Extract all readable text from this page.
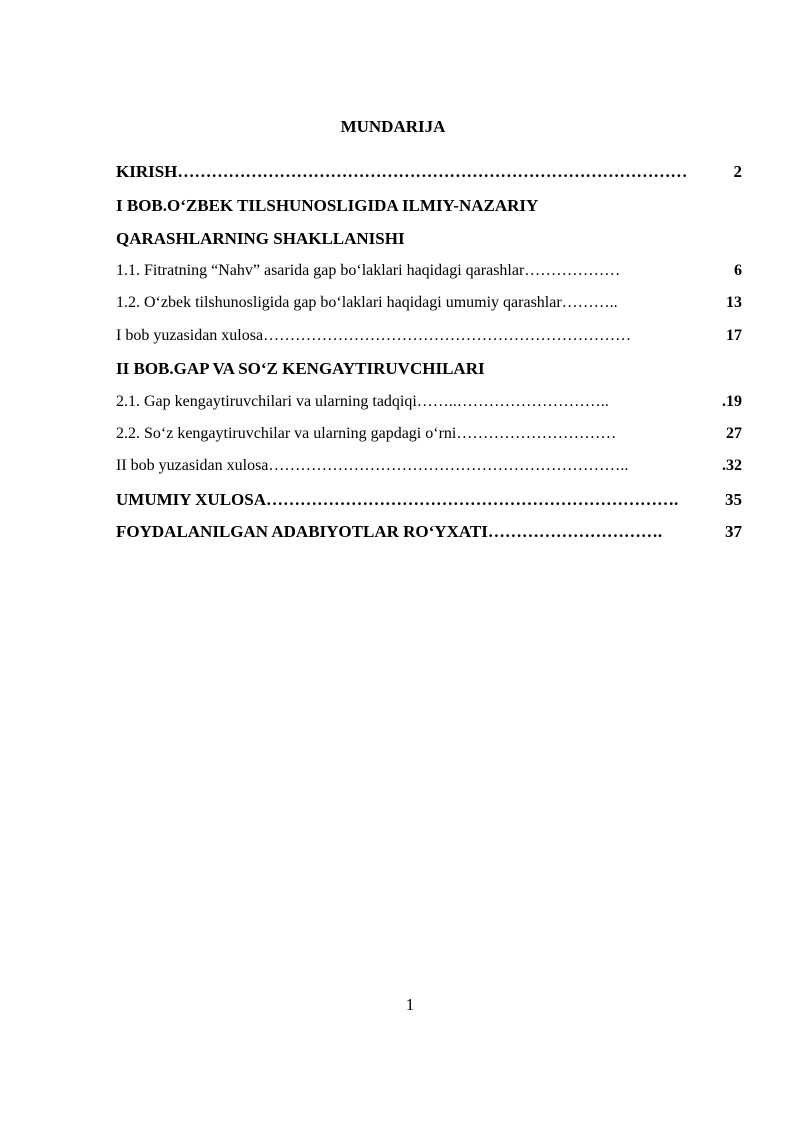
MUNDARIJA
KIRISH………………………………………………………………………………	2
I BOB.O‘ZBEK TILSHUNOSLIGIDA ILMIY-NAZARIY
QARASHLARNING SHAKLLANISHI
1.1. Fitratning “Nahv” asarida gap bo‘laklari haqidagi qarashlar………………	6
1.2. O‘zbek tilshunosligida gap bo‘laklari haqidagi umumiy qarashlar………..	13
I bob yuzasidan xulosa……………………………………………………………	17
II BOB.GAP VA SO‘Z KENGAYTIRUVCHILARI
2.1. Gap kengaytiruvchilari va ularning tadqiqi……..………………………..	.19
2.2. So‘z kengaytiruvchilar va ularning gapdagi o‘rni…………………………	27
II bob yuzasidan xulosa…………………………………………………………..	.32
UMUMIY XULOSA……………………………………………………………….	35
FOYDALANILGAN ADABIYOTLAR RO‘YXATI………………………….	37
1
